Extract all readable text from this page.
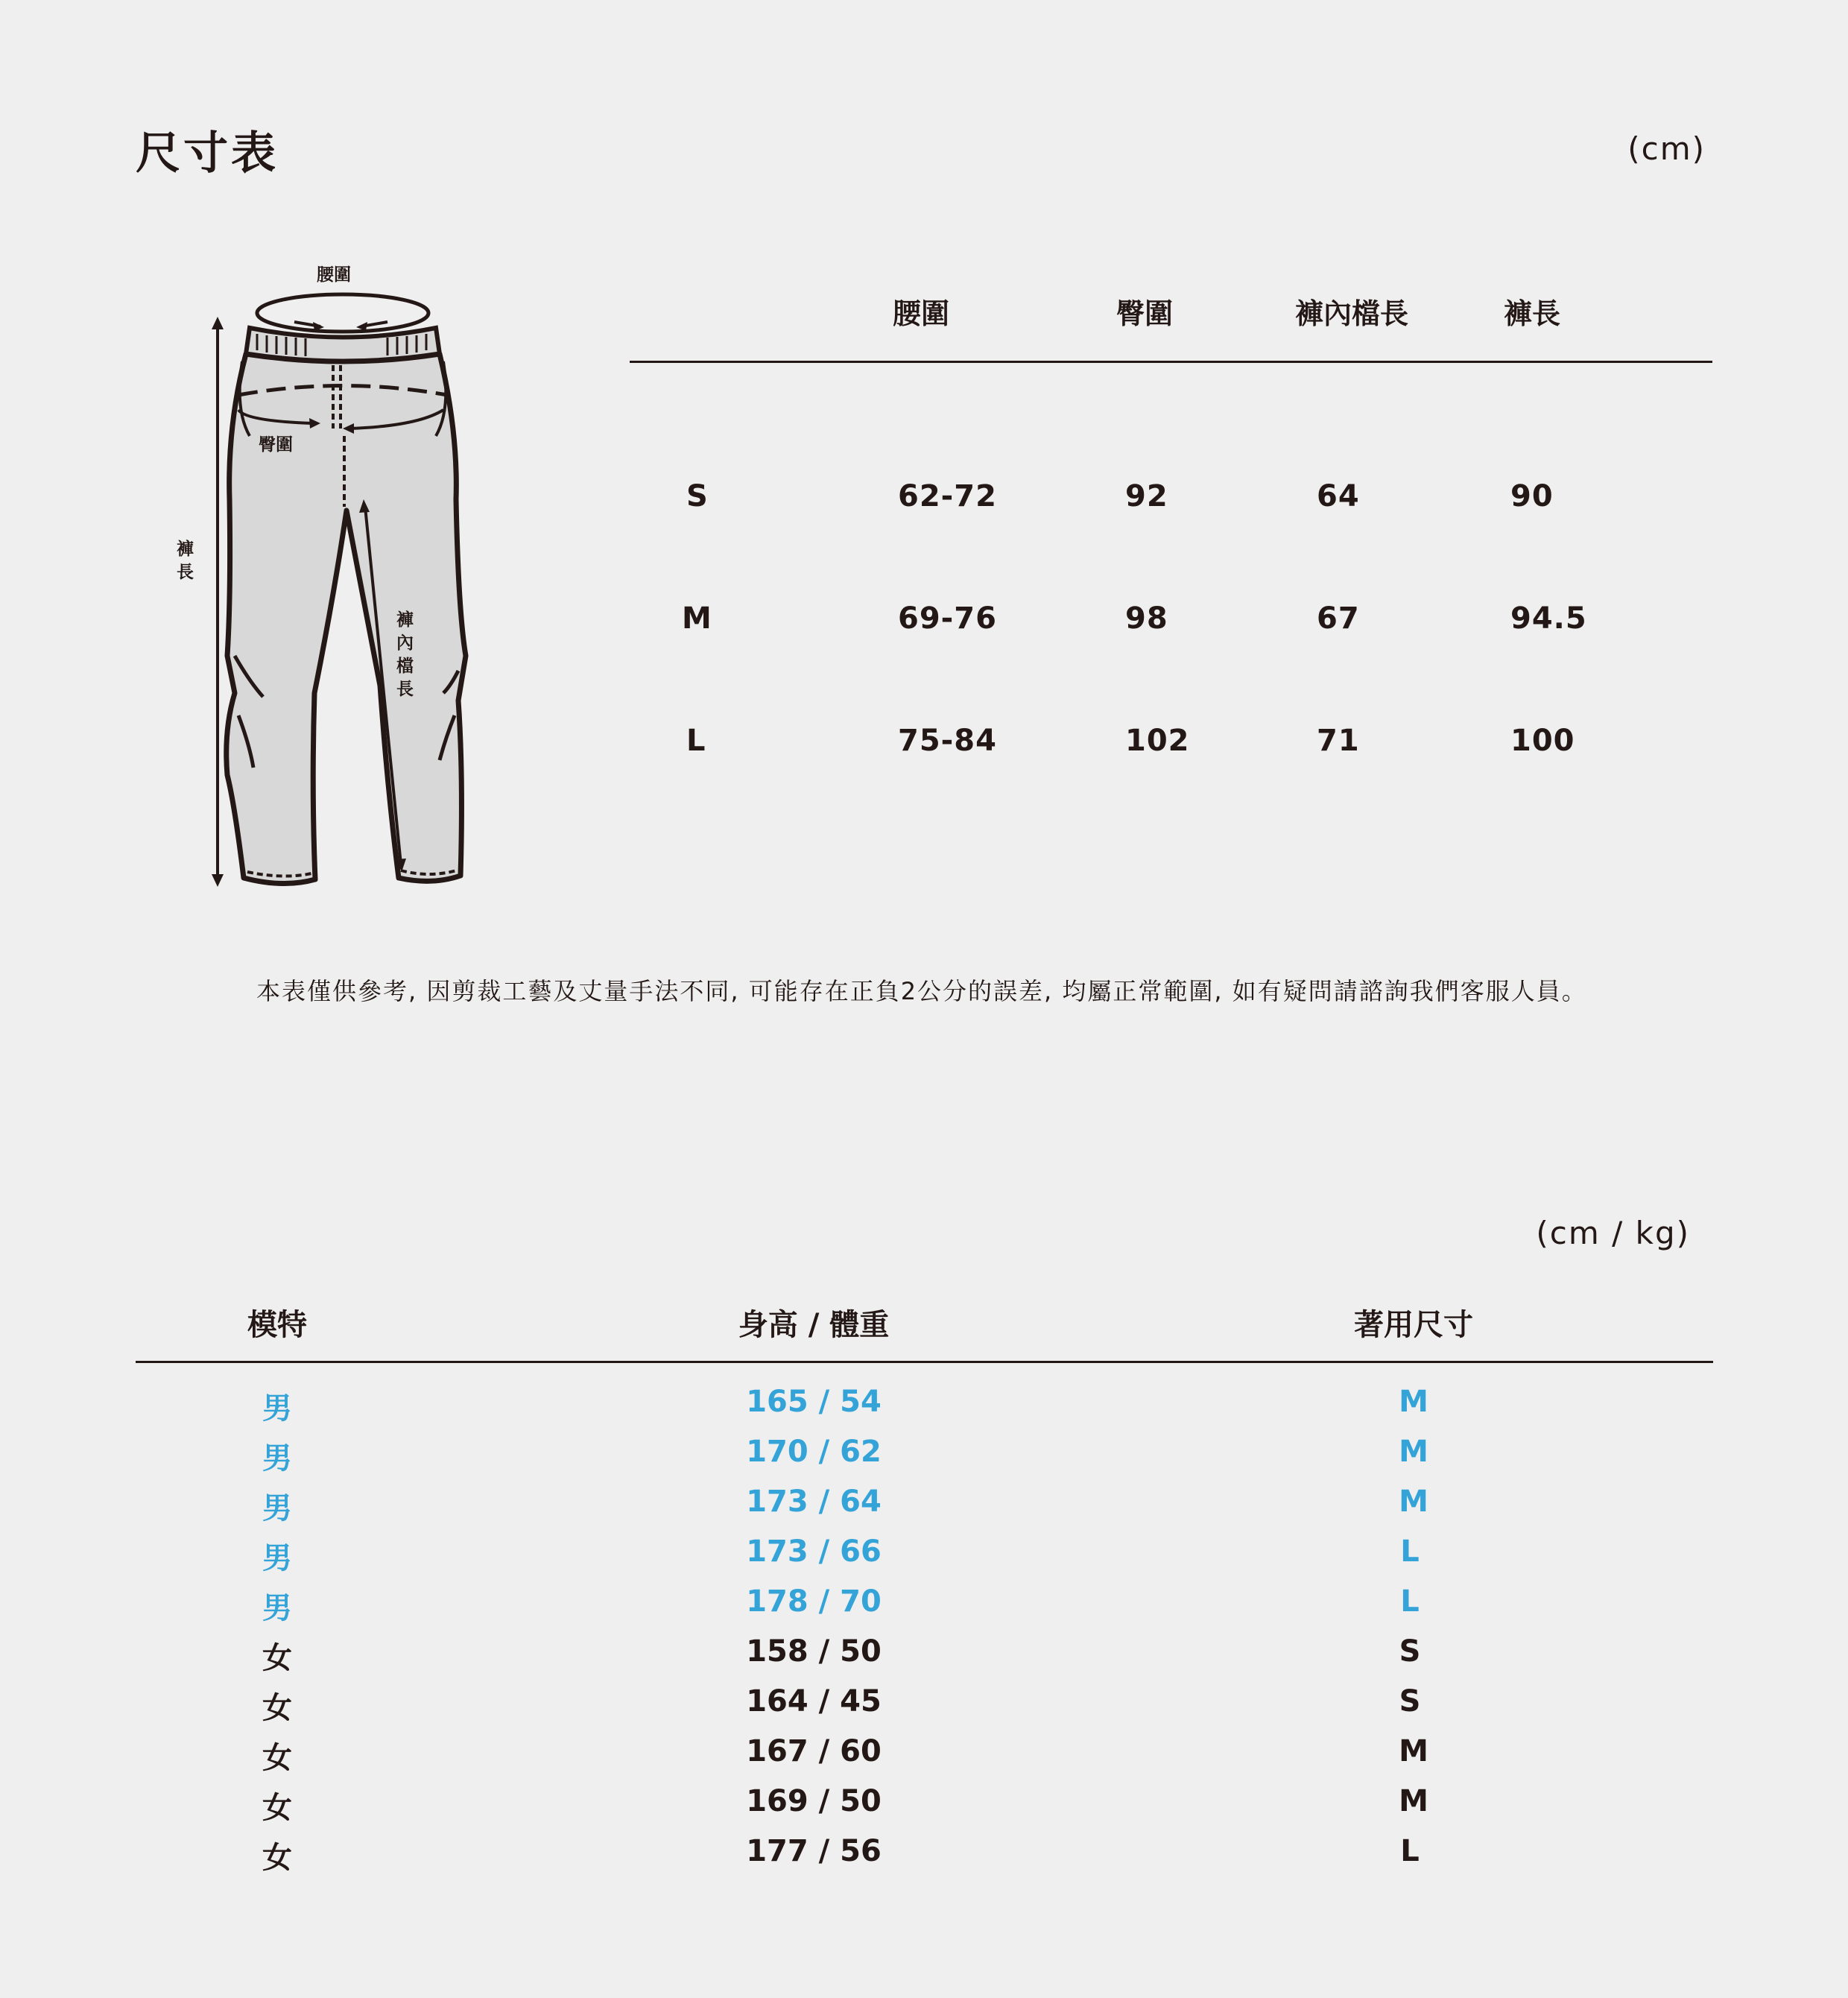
尺寸表	(cm)
腰圍
臀圍
褲長
褲內檔長
腰圍	臀圍	褲內檔長	褲長
S	62-72	92	64	90
M	69-76	98	67	94.5
L	75-84	102	71	100
本表僅供參考, 因剪裁工藝及丈量手法不同, 可能存在正負2公分的誤差, 均屬正常範圍, 如有疑問請諮詢我們客服人員。
(cm / kg)
模特	身高 / 體重	著用尺寸
男	165 / 54	M
男	170 / 62	M
男	173 / 64	M
男	173 / 66	L
男	178 / 70	L
女	158 / 50	S
女	164 / 45	S
女	167 / 60	M
女	169 / 50	M
女	177 / 56	L
